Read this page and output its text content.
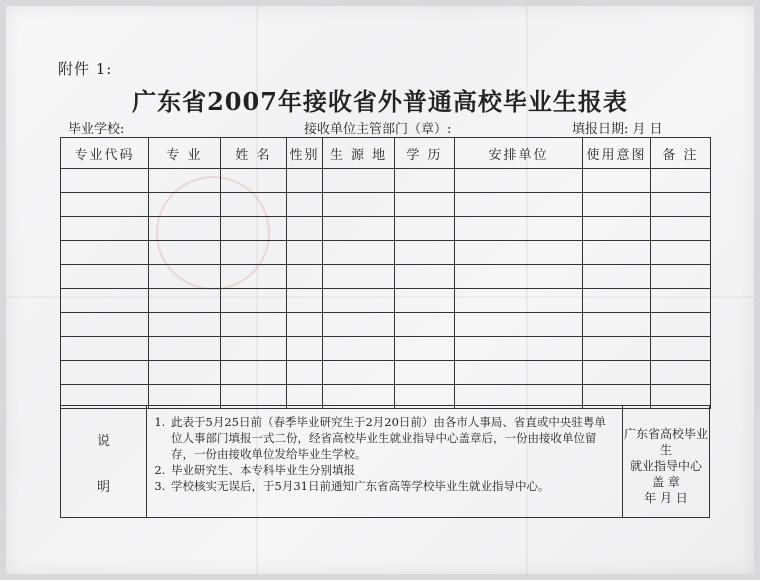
附件 1:
广东省2007年接收省外普通高校毕业生报表
毕业学校:	接收单位主管部门（章）:	填报日期: 月 日
专业代码	专 业	姓 名	性别	生 源 地	学 历	安排单位	使用意图	备 注

说
明
1. 此表于5月25日前（春季毕业研究生于2月20日前）由各市人事局、省直或中央驻粤单位人事部门填报一式二份，经省高校毕业生就业指导中心盖章后，一份由接收单位留存，一份由接收单位发给毕业生学校。
2. 毕业研究生、本专科毕业生分别填报
3. 学校核实无误后，于5月31日前通知广东省高等学校毕业生就业指导中心。
广东省高校毕业生
就业指导中心
盖 章
年 月 日
